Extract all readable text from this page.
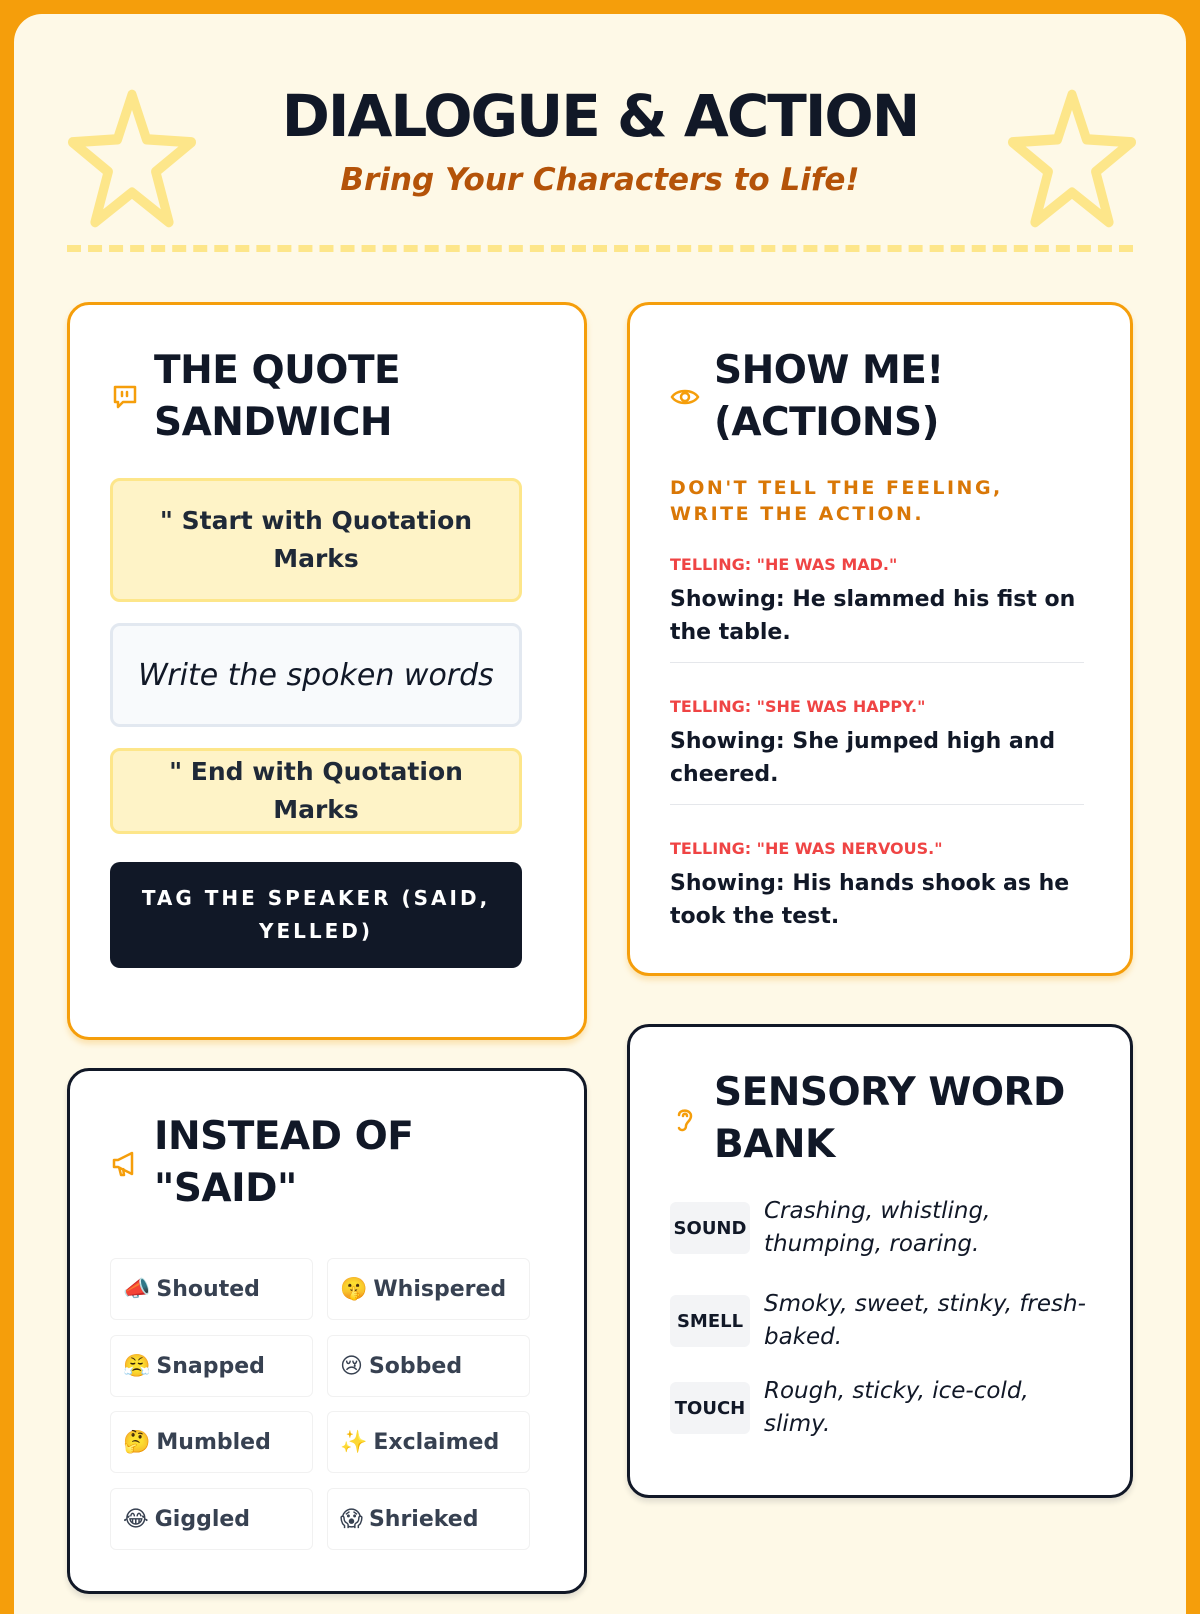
DIALOGUE & ACTION
Bring Your Characters to Life!
THE QUOTE
SANDWICH
" Start with Quotation Marks
Write the spoken words
" End with Quotation Marks
TAG THE SPEAKER (SAID, YELLED)
SHOW ME!
(ACTIONS)
DON'T TELL THE FEELING, WRITE THE ACTION.
TELLING: "HE WAS MAD."
Showing: He slammed his fist on the table.
TELLING: "SHE WAS HAPPY."
Showing: She jumped high and cheered.
TELLING: "HE WAS NERVOUS."
Showing: His hands shook as he took the test.
INSTEAD OF
"SAID"
📣 Shouted	🤫 Whispered
😤 Snapped	😢 Sobbed
🤔 Mumbled	✨ Exclaimed
😂 Giggled	😱 Shrieked
SENSORY WORD
BANK
SOUND
Crashing, whistling, thumping, roaring.
SMELL
Smoky, sweet, stinky, fresh-baked.
TOUCH
Rough, sticky, ice-cold, slimy.
